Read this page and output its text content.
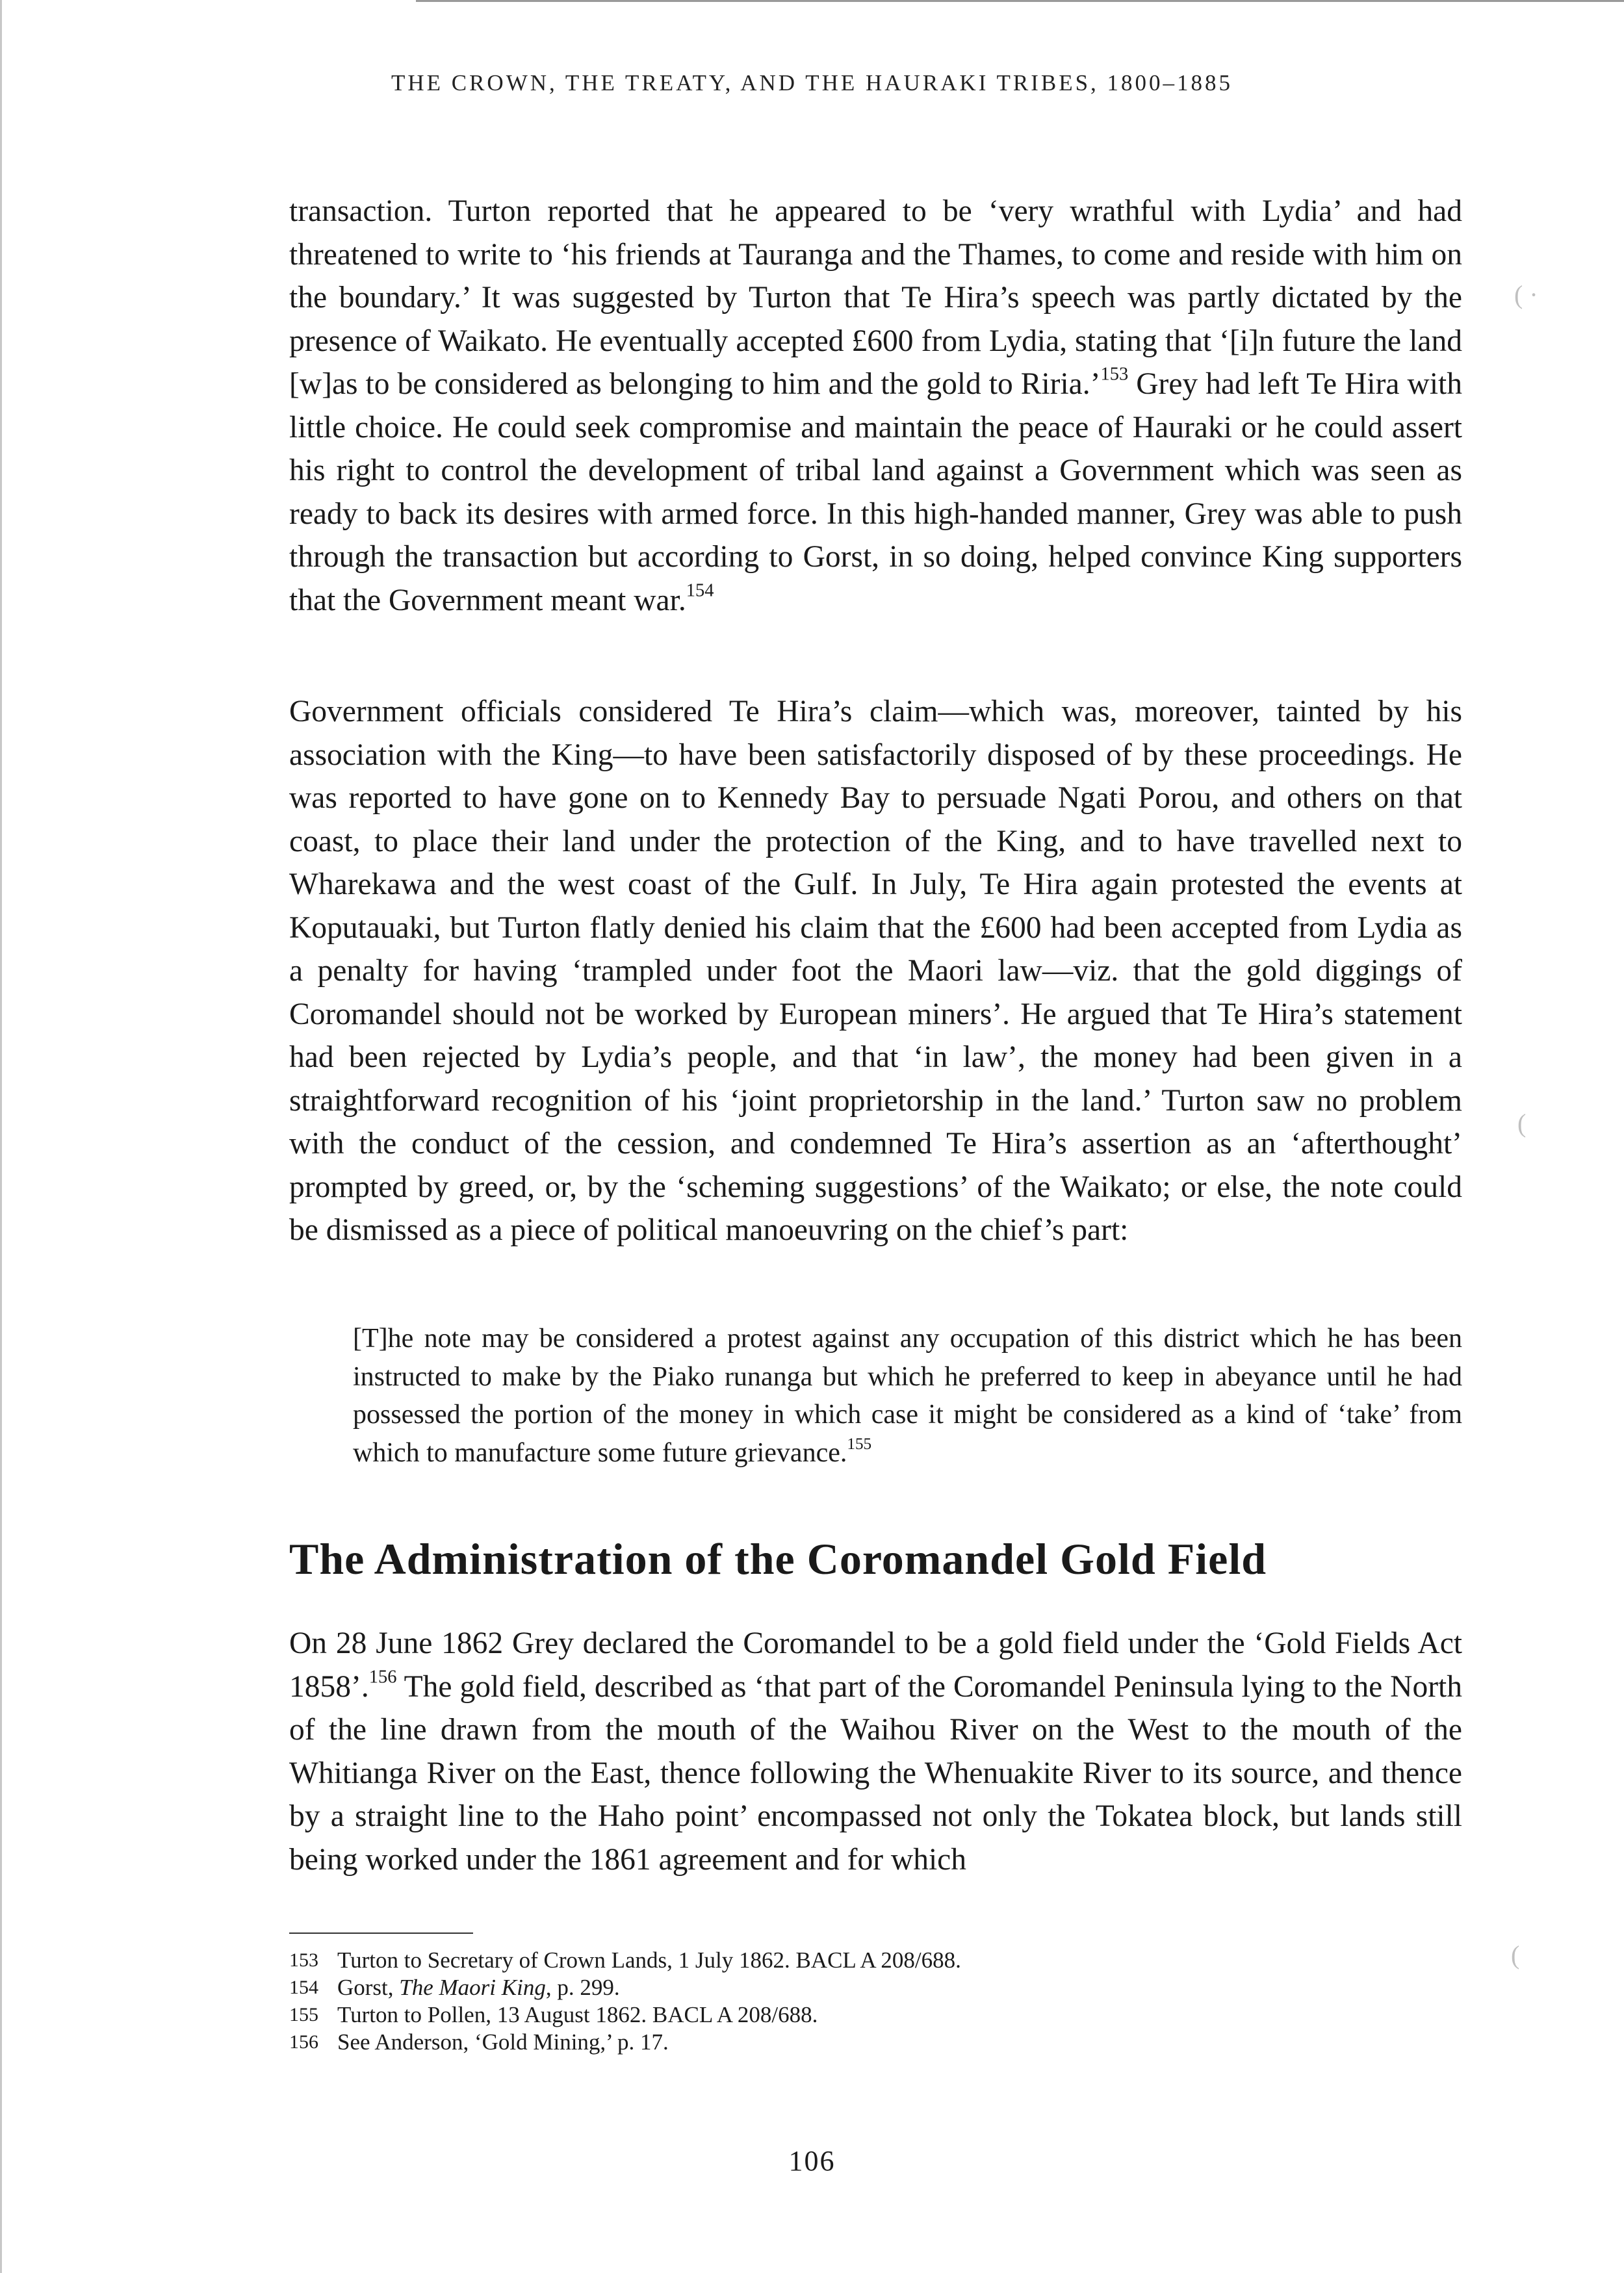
THE CROWN, THE TREATY, AND THE HAURAKI TRIBES, 1800–1885

transaction. Turton reported that he appeared to be ‘very wrathful with Lydia’ and had threatened to write to ‘his friends at Tauranga and the Thames, to come and reside with him on the boundary.’ It was suggested by Turton that Te Hira’s speech was partly dictated by the presence of Waikato. He eventually accepted £600 from Lydia, stating that ‘[i]n future the land [w]as to be considered as belonging to him and the gold to Riria.’$^{153}$ Grey had left Te Hira with little choice. He could seek compromise and maintain the peace of Hauraki or he could assert his right to control the development of tribal land against a Government which was seen as ready to back its desires with armed force. In this high-handed manner, Grey was able to push through the transaction but according to Gorst, in so doing, helped convince King supporters that the Government meant war.$^{154}$

Government officials considered Te Hira’s claim—which was, moreover, tainted by his association with the King—to have been satisfactorily disposed of by these proceedings. He was reported to have gone on to Kennedy Bay to persuade Ngati Porou, and others on that coast, to place their land under the protection of the King, and to have travelled next to Wharekawa and the west coast of the Gulf. In July, Te Hira again protested the events at Koputauaki, but Turton flatly denied his claim that the £600 had been accepted from Lydia as a penalty for having ‘trampled under foot the Maori law—viz. that the gold diggings of Coromandel should not be worked by European miners’. He argued that Te Hira’s statement had been rejected by Lydia’s people, and that ‘in law’, the money had been given in a straightforward recognition of his ‘joint proprietorship in the land.’ Turton saw no problem with the conduct of the cession, and condemned Te Hira’s assertion as an ‘afterthought’ prompted by greed, or, by the ‘scheming suggestions’ of the Waikato; or else, the note could be dismissed as a piece of political manoeuvring on the chief’s part:

[T]he note may be considered a protest against any occupation of this district which he has been instructed to make by the Piako runanga but which he preferred to keep in abeyance until he had possessed the portion of the money in which case it might be considered as a kind of ‘take’ from which to manufacture some future grievance.$^{155}$

The Administration of the Coromandel Gold Field

On 28 June 1862 Grey declared the Coromandel to be a gold field under the ‘Gold Fields Act 1858’.$^{156}$ The gold field, described as ‘that part of the Coromandel Peninsula lying to the North of the line drawn from the mouth of the Waihou River on the West to the mouth of the Whitianga River on the East, thence following the Whenuakite River to its source, and thence by a straight line to the Haho point’ encompassed not only the Tokatea block, but lands still being worked under the 1861 agreement and for which

153 Turton to Secretary of Crown Lands, 1 July 1862. BACL A 208/688.
154 Gorst, The Maori King, p. 299.
155 Turton to Pollen, 13 August 1862. BACL A 208/688.
156 See Anderson, ‘Gold Mining,’ p. 17.
106
( ·
(
(
